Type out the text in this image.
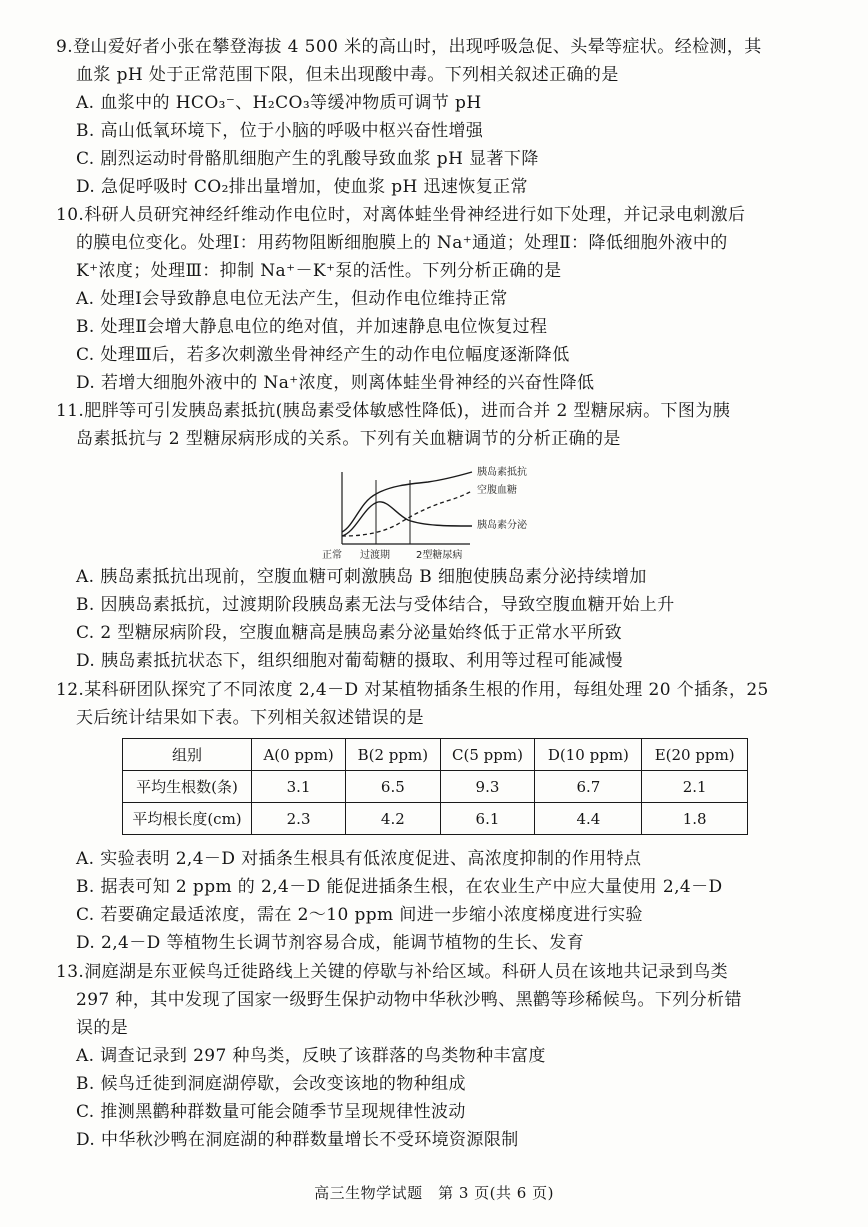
9.登山爱好者小张在攀登海拔 4 500 米的高山时，出现呼吸急促、头晕等症状。经检测，其
血浆 pH 处于正常范围下限，但未出现酸中毒。下列相关叙述正确的是
A. 血浆中的 HCO₃⁻、H₂CO₃等缓冲物质可调节 pH
B. 高山低氧环境下，位于小脑的呼吸中枢兴奋性增强
C. 剧烈运动时骨骼肌细胞产生的乳酸导致血浆 pH 显著下降
D. 急促呼吸时 CO₂排出量增加，使血浆 pH 迅速恢复正常
10.科研人员研究神经纤维动作电位时，对离体蛙坐骨神经进行如下处理，并记录电刺激后
的膜电位变化。处理Ⅰ：用药物阻断细胞膜上的 Na⁺通道；处理Ⅱ：降低细胞外液中的
K⁺浓度；处理Ⅲ：抑制 Na⁺－K⁺泵的活性。下列分析正确的是
A. 处理Ⅰ会导致静息电位无法产生，但动作电位维持正常
B. 处理Ⅱ会增大静息电位的绝对值，并加速静息电位恢复过程
C. 处理Ⅲ后，若多次刺激坐骨神经产生的动作电位幅度逐渐降低
D. 若增大细胞外液中的 Na⁺浓度，则离体蛙坐骨神经的兴奋性降低
11.肥胖等可引发胰岛素抵抗(胰岛素受体敏感性降低)，进而合并 2 型糖尿病。下图为胰
岛素抵抗与 2 型糖尿病形成的关系。下列有关血糖调节的分析正确的是
胰岛素抵抗
空腹血糖
胰岛素分泌
正常 过渡期	2型糖尿病
A. 胰岛素抵抗出现前，空腹血糖可刺激胰岛 B 细胞使胰岛素分泌持续增加
B. 因胰岛素抵抗，过渡期阶段胰岛素无法与受体结合，导致空腹血糖开始上升
C. 2 型糖尿病阶段，空腹血糖高是胰岛素分泌量始终低于正常水平所致
D. 胰岛素抵抗状态下，组织细胞对葡萄糖的摄取、利用等过程可能减慢
12.某科研团队探究了不同浓度 2,4－D 对某植物插条生根的作用，每组处理 20 个插条，25
天后统计结果如下表。下列相关叙述错误的是
组别	A(0 ppm)	B(2 ppm)	C(5 ppm)	D(10 ppm)	E(20 ppm)
平均生根数(条)	3.1	6.5	9.3	6.7	2.1
平均根长度(cm)	2.3	4.2	6.1	4.4	1.8
A. 实验表明 2,4－D 对插条生根具有低浓度促进、高浓度抑制的作用特点
B. 据表可知 2 ppm 的 2,4－D 能促进插条生根，在农业生产中应大量使用 2,4－D
C. 若要确定最适浓度，需在 2～10 ppm 间进一步缩小浓度梯度进行实验
D. 2,4－D 等植物生长调节剂容易合成，能调节植物的生长、发育
13.洞庭湖是东亚候鸟迁徙路线上关键的停歇与补给区域。科研人员在该地共记录到鸟类
297 种，其中发现了国家一级野生保护动物中华秋沙鸭、黑鹳等珍稀候鸟。下列分析错
误的是
A. 调查记录到 297 种鸟类，反映了该群落的鸟类物种丰富度
B. 候鸟迁徙到洞庭湖停歇，会改变该地的物种组成
C. 推测黑鹳种群数量可能会随季节呈现规律性波动
D. 中华秋沙鸭在洞庭湖的种群数量增长不受环境资源限制
高三生物学试题　第 3 页(共 6 页)
